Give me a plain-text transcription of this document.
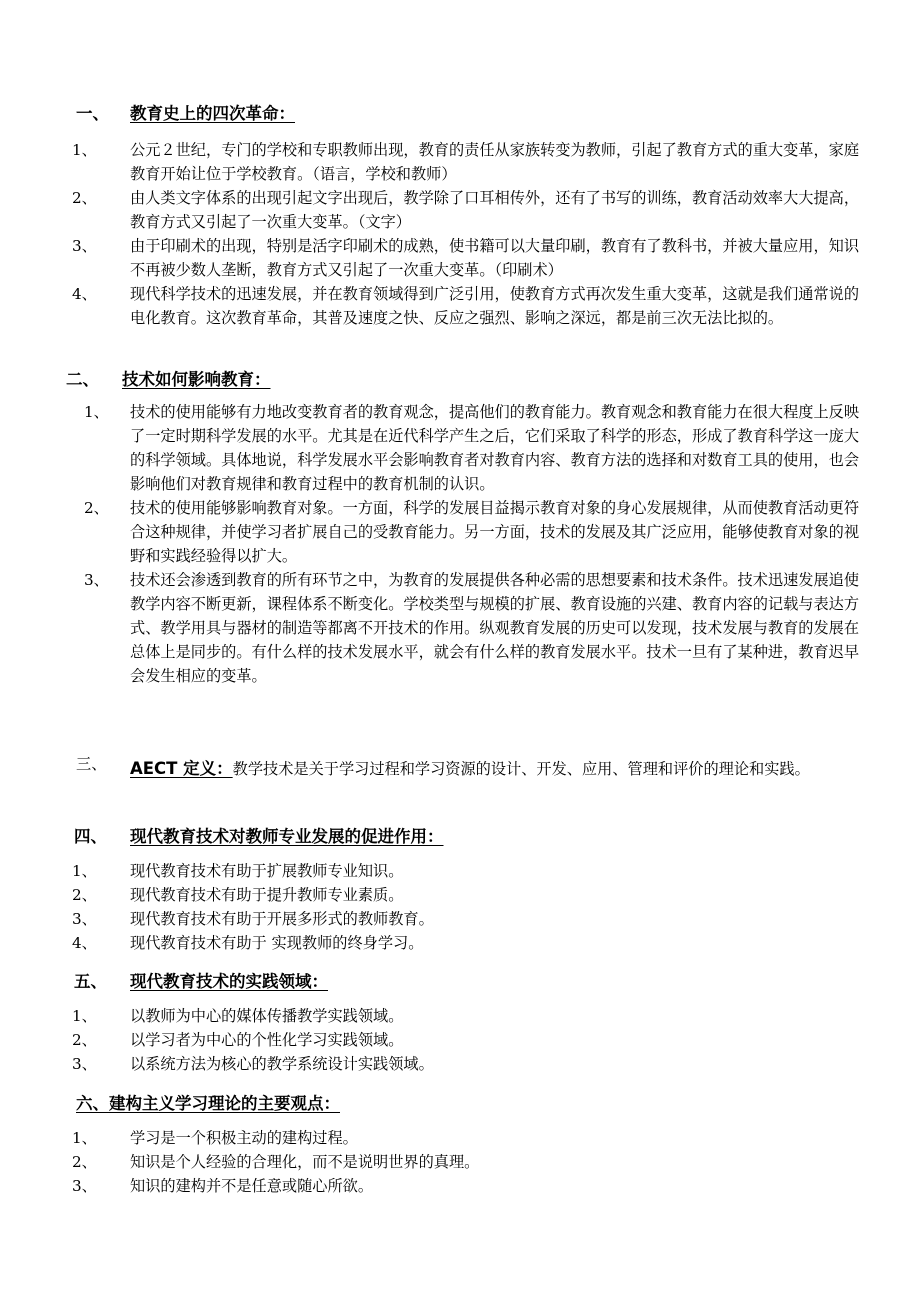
一、 教育史上的四次革命：
1、 公元２世纪，专门的学校和专职教师出现，教育的责任从家族转变为教师，引起了教育方式的重大变革，家庭教育开始让位于学校教育。（语言，学校和教师）
2、 由人类文字体系的出现引起文字出现后，教学除了口耳相传外，还有了书写的训练，教育活动效率大大提高，教育方式又引起了一次重大变革。（文字）
3、 由于印刷术的出现，特别是活字印刷术的成熟，使书籍可以大量印刷，教育有了教科书，并被大量应用，知识不再被少数人垄断，教育方式又引起了一次重大变革。（印刷术）
4、 现代科学技术的迅速发展，并在教育领域得到广泛引用，使教育方式再次发生重大变革，这就是我们通常说的电化教育。这次教育革命，其普及速度之快、反应之强烈、影响之深远，都是前三次无法比拟的。
二、 技术如何影响教育：
1、 技术的使用能够有力地改变教育者的教育观念，提高他们的教育能力。教育观念和教育能力在很大程度上反映了一定时期科学发展的水平。尤其是在近代科学产生之后，它们采取了科学的形态，形成了教育科学这一庞大的科学领域。具体地说，科学发展水平会影响教育者对教育内容、教育方法的选择和对数育工具的使用，也会影响他们对教育规律和教育过程中的教育机制的认识。
2、 技术的使用能够影响教育对象。一方面，科学的发展目益揭示教育对象的身心发展规律，从而使教育活动更符合这种规律，并使学习者扩展自己的受教育能力。另一方面，技术的发展及其广泛应用，能够使教育对象的视野和实践经验得以扩大。
3、 技术还会渗透到教育的所有环节之中，为教育的发展提供各种必需的思想要素和技术条件。技术迅速发展追使教学内容不断更新，课程体系不断变化。学校类型与规模的扩展、教育设施的兴建、教育内容的记载与表达方式、教学用具与器材的制造等都离不开技术的作用。纵观教育发展的历史可以发现，技术发展与教育的发展在总体上是同步的。有什么样的技术发展水平，就会有什么样的教育发展水平。技术一旦有了某种进，教育迟早会发生相应的变革。
三、 AECT 定义：教学技术是关于学习过程和学习资源的设计、开发、应用、管理和评价的理论和实践。
四、 现代教育技术对教师专业发展的促进作用：
1、 现代教育技术有助于扩展教师专业知识。
2、 现代教育技术有助于提升教师专业素质。
3、 现代教育技术有助于开展多形式的教师教育。
4、 现代教育技术有助于 实现教师的终身学习。
五、 现代教育技术的实践领域：
1、 以教师为中心的媒体传播教学实践领域。
2、 以学习者为中心的个性化学习实践领域。
3、 以系统方法为核心的教学系统设计实践领域。
六、建构主义学习理论的主要观点：
1、 学习是一个积极主动的建构过程。
2、 知识是个人经验的合理化，而不是说明世界的真理。
3、 知识的建构并不是任意或随心所欲。
